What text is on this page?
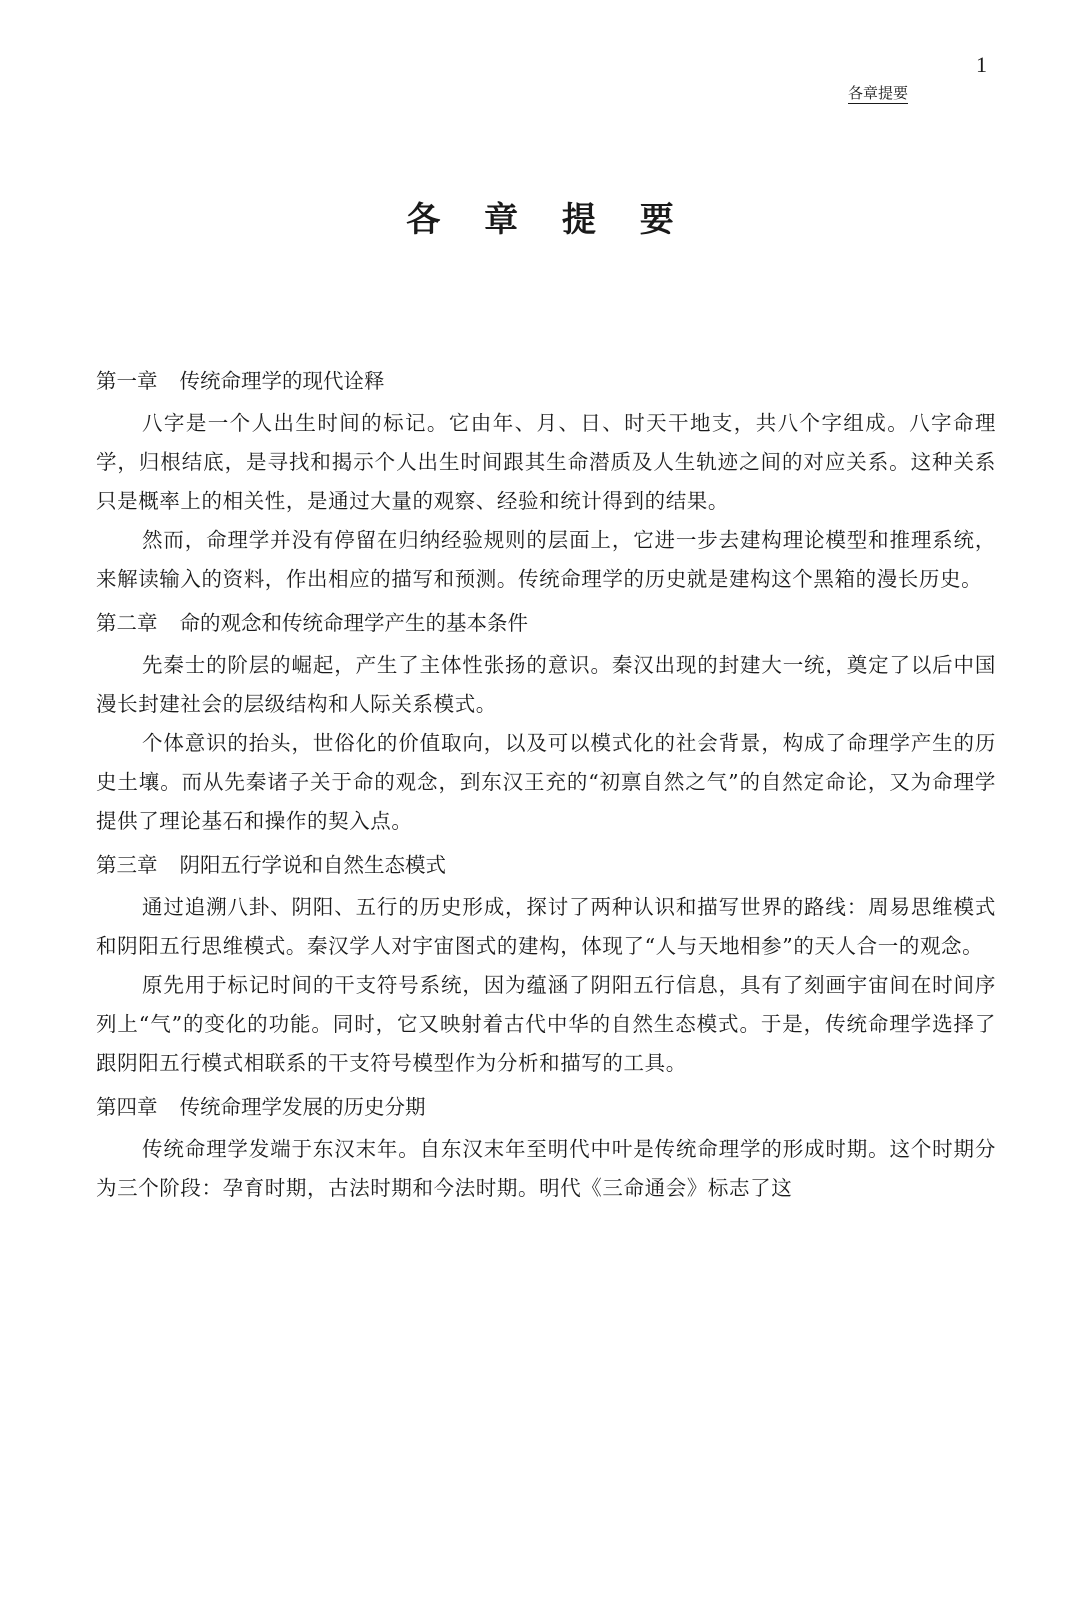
1
各章提要
各 章 提 要

第一章 传统命理学的现代诠释

八字是一个人出生时间的标记。它由年、月、日、时天干地支，共八个字组成。八字命理学，归根结底，是寻找和揭示个人出生时间跟其生命潜质及人生轨迹之间的对应关系。这种关系只是概率上的相关性，是通过大量的观察、经验和统计得到的结果。

然而，命理学并没有停留在归纳经验规则的层面上，它进一步去建构理论模型和推理系统，来解读输入的资料，作出相应的描写和预测。传统命理学的历史就是建构这个黑箱的漫长历史。

第二章 命的观念和传统命理学产生的基本条件

先秦士的阶层的崛起，产生了主体性张扬的意识。秦汉出现的封建大一统，奠定了以后中国漫长封建社会的层级结构和人际关系模式。

个体意识的抬头，世俗化的价值取向，以及可以模式化的社会背景，构成了命理学产生的历史土壤。而从先秦诸子关于命的观念，到东汉王充的“初禀自然之气”的自然定命论，又为命理学提供了理论基石和操作的契入点。

第三章 阴阳五行学说和自然生态模式

通过追溯八卦、阴阳、五行的历史形成，探讨了两种认识和描写世界的路线：周易思维模式和阴阳五行思维模式。秦汉学人对宇宙图式的建构，体现了“人与天地相参”的天人合一的观念。

原先用于标记时间的干支符号系统，因为蕴涵了阴阳五行信息，具有了刻画宇宙间在时间序列上“气”的变化的功能。同时，它又映射着古代中华的自然生态模式。于是，传统命理学选择了跟阴阳五行模式相联系的干支符号模型作为分析和描写的工具。

第四章 传统命理学发展的历史分期

传统命理学发端于东汉末年。自东汉末年至明代中叶是传统命理学的形成时期。这个时期分为三个阶段：孕育时期，古法时期和今法时期。明代《三命通会》标志了这
